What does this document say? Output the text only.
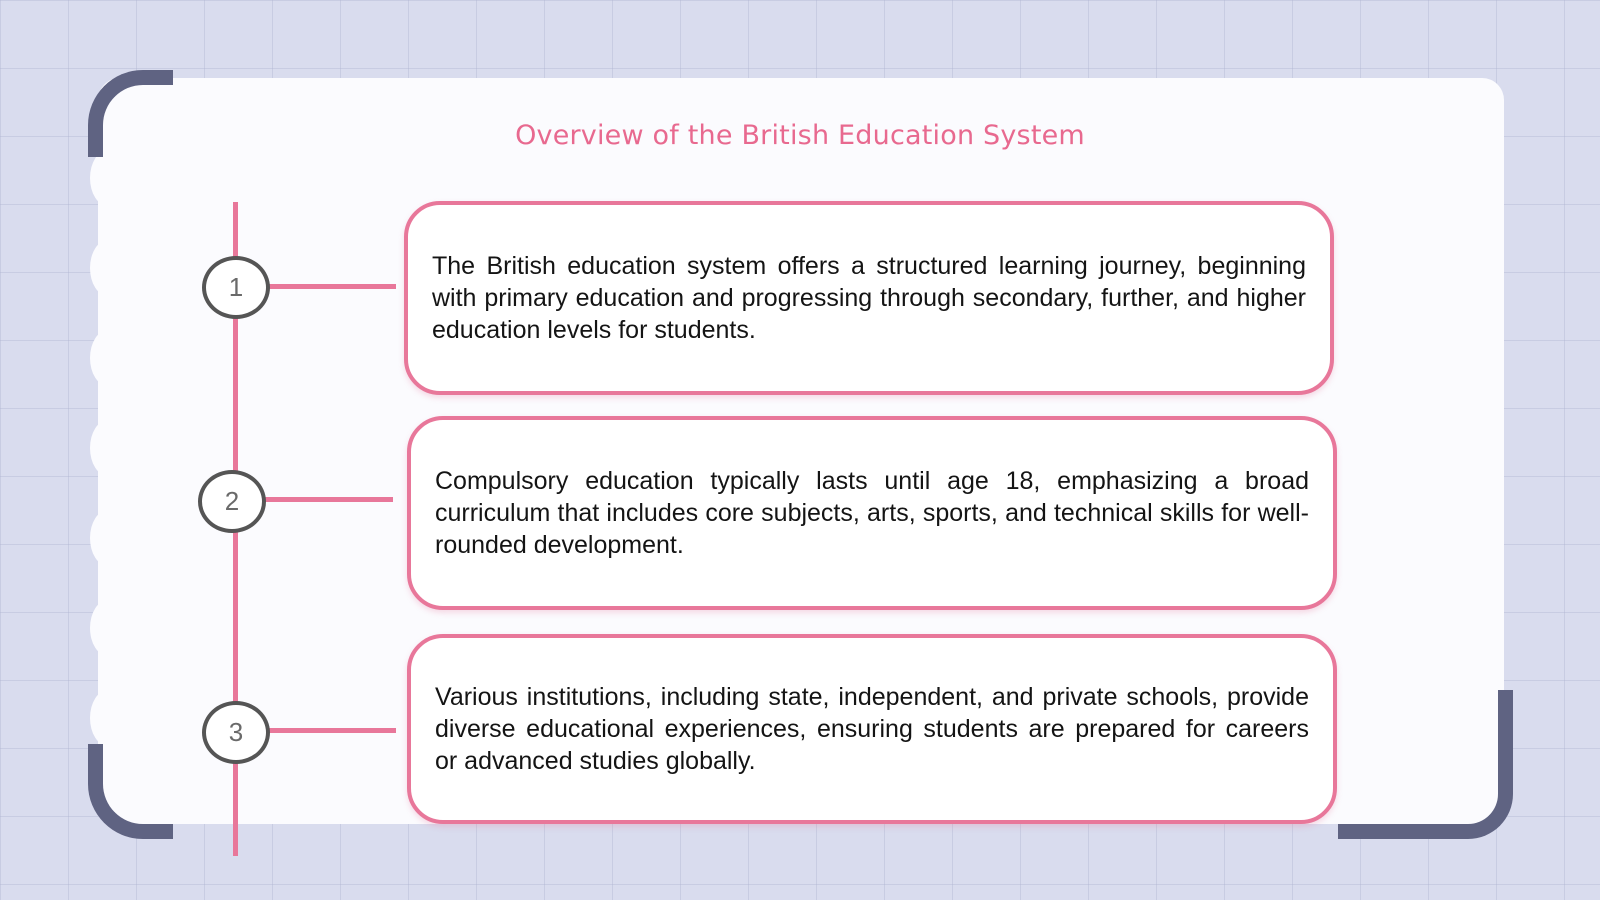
Overview of the British Education System
1

The British education system offers a structured learning journey, beginning with primary education and progressing through secondary, further, and higher education levels for students.

2

Compulsory education typically lasts until age 18, emphasizing a broad curriculum that includes core subjects, arts, sports, and technical skills for well-rounded development.

3

Various institutions, including state, independent, and private schools, provide diverse educational experiences, ensuring students are prepared for careers or advanced studies globally.
